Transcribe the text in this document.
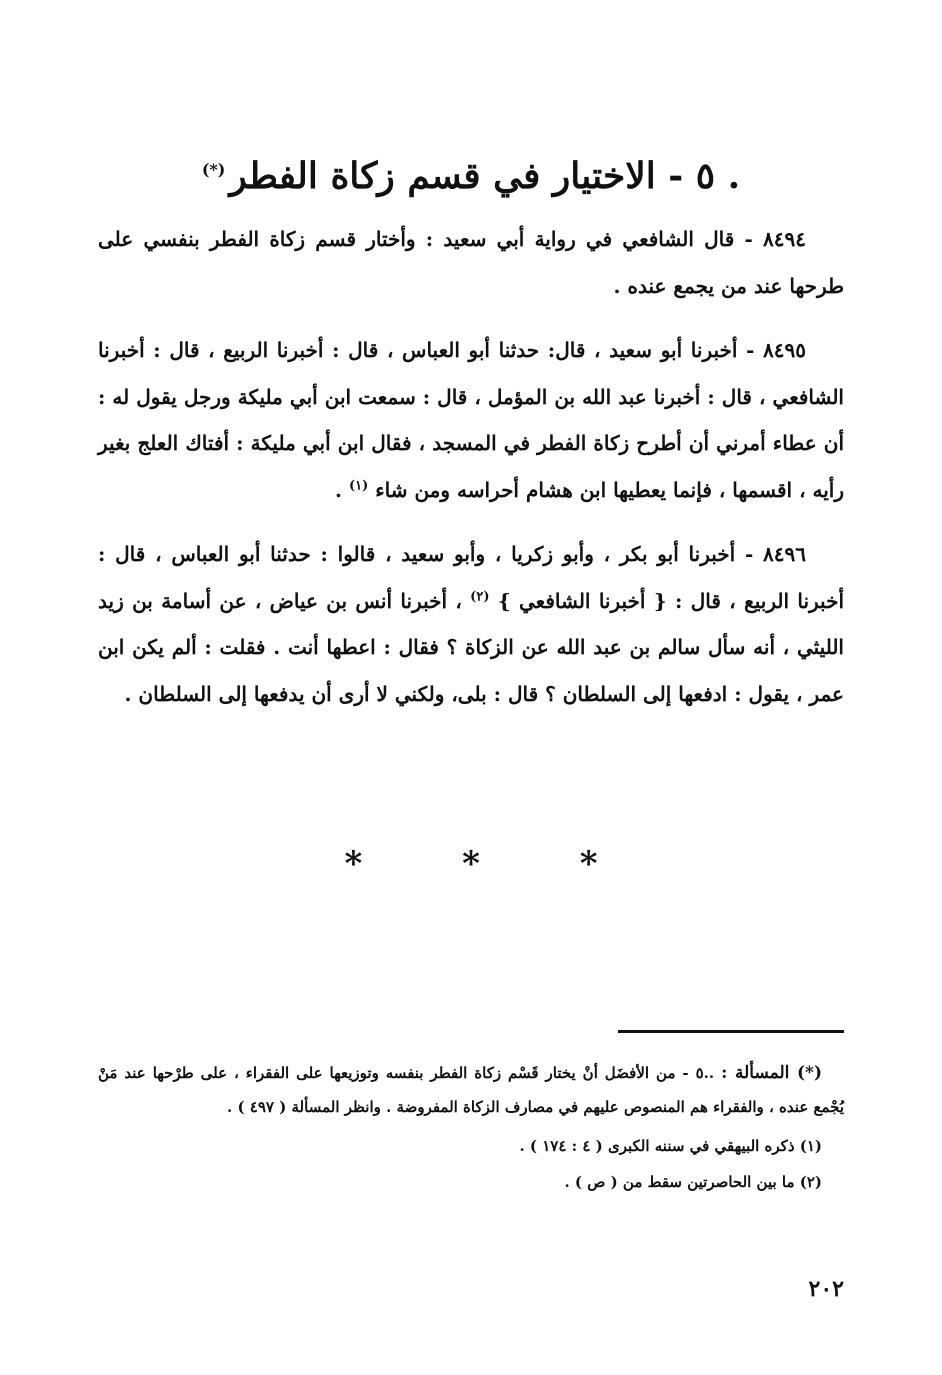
. ٥ - الاختيار في قسم زكاة الفطر(*)

٨٤٩٤ - قال الشافعي في رواية أبي سعيد : وأختار قسم زكاة الفطر بنفسي على طرحها عند من يجمع عنده .

٨٤٩٥ - أخبرنا أبو سعيد ، قال: حدثنا أبو العباس ، قال : أخبرنا الربيع ، قال : أخبرنا الشافعي ، قال : أخبرنا عبد الله بن المؤمل ، قال : سمعت ابن أبي مليكة ورجل يقول له : أن عطاء أمرني أن أطرح زكاة الفطر في المسجد ، فقال ابن أبي مليكة : أفتاك العلج بغير رأيه ، اقسمها ، فإنما يعطيها ابن هشام أحراسه ومن شاء $^{(١)}$ .

٨٤٩٦ - أخبرنا أبو بكر ، وأبو زكريا ، وأبو سعيد ، قالوا : حدثنا أبو العباس ، قال : أخبرنا الربيع ، قال : { أخبرنا الشافعي } $^{(٢)}$ ، أخبرنا أنس بن عياض ، عن أسامة بن زيد الليثي ، أنه سأل سالم بن عبد الله عن الزكاة ؟ فقال : اعطها أنت . فقلت : ألم يكن ابن عمر ، يقول : ادفعها إلى السلطان ؟ قال : بلى، ولكني لا أرى أن يدفعها إلى السلطان .

* * *

(*) المسألة : ..٥ - من الأفضَل أنْ يختار قَسْم زكاة الفطر بنفسه وتوزيعها على الفقراء ، على طرْحها عند مَنْ يُجْمع عنده ، والفقراء هم المنصوص عليهم في مصارف الزكاة المفروضة . وانظر المسألة ( ٤٩٧ ) .

(١) ذكره البيهقي في سننه الكبرى ( ٤ : ١٧٤ ) .

(٢) ما بين الحاصرتين سقط من ( ص ) .

٢٠٢
